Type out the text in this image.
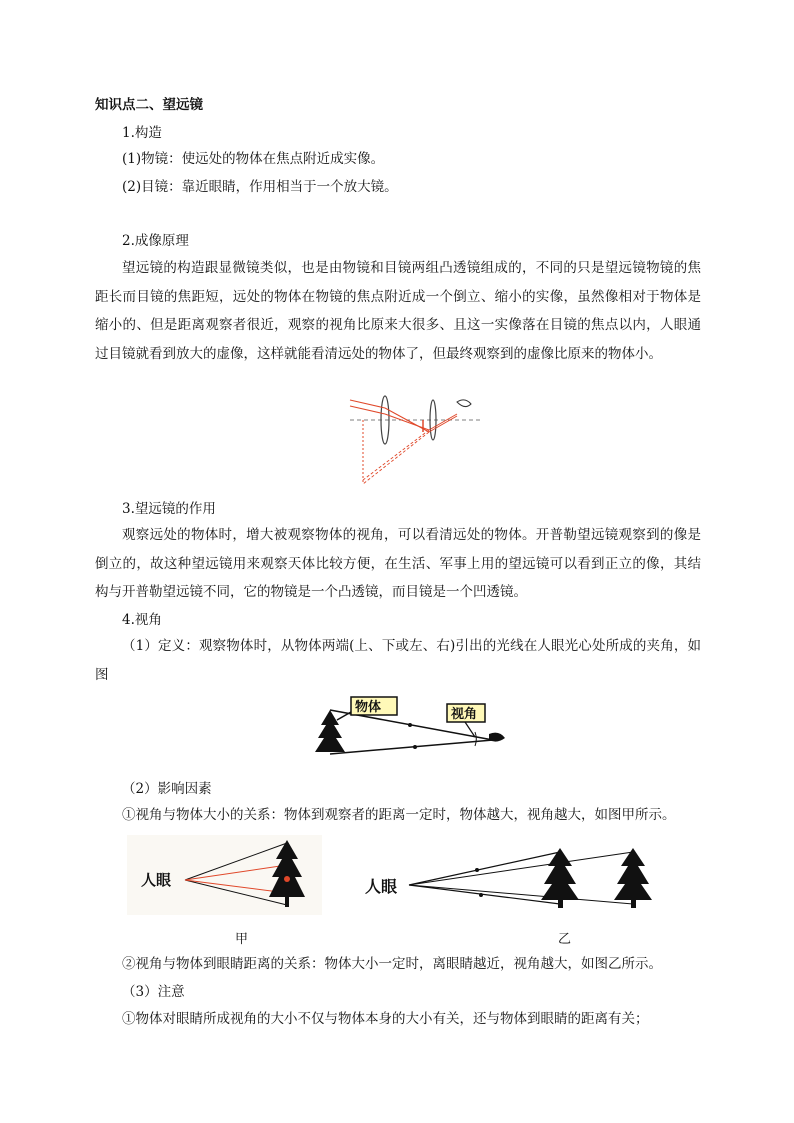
知识点二、望远镜
1.构造
(1)物镜：使远处的物体在焦点附近成实像。
(2)目镜：靠近眼睛，作用相当于一个放大镜。
2.成像原理
望远镜的构造跟显微镜类似，也是由物镜和目镜两组凸透镜组成的，不同的只是望远镜物镜的焦距长而目镜的焦距短，远处的物体在物镜的焦点附近成一个倒立、缩小的实像，虽然像相对于物体是缩小的、但是距离观察者很近，观察的视角比原来大很多、且这一实像落在目镜的焦点以内，人眼通过目镜就看到放大的虚像，这样就能看清远处的物体了，但最终观察到的虚像比原来的物体小。
3.望远镜的作用
观察远处的物体时，增大被观察物体的视角，可以看清远处的物体。开普勒望远镜观察到的像是倒立的，故这种望远镜用来观察天体比较方便，在生活、军事上用的望远镜可以看到正立的像，其结构与开普勒望远镜不同，它的物镜是一个凸透镜，而目镜是一个凹透镜。
4.视角
（1）定义：观察物体时，从物体两端(上、下或左、右)引出的光线在人眼光心处所成的夹角，如图
物体	视角
（2）影响因素
①视角与物体大小的关系：物体到观察者的距离一定时，物体越大，视角越大，如图甲所示。
人眼	人眼
甲	乙
②视角与物体到眼睛距离的关系：物体大小一定时，离眼睛越近，视角越大，如图乙所示。
（3）注意
①物体对眼睛所成视角的大小不仅与物体本身的大小有关，还与物体到眼睛的距离有关；
